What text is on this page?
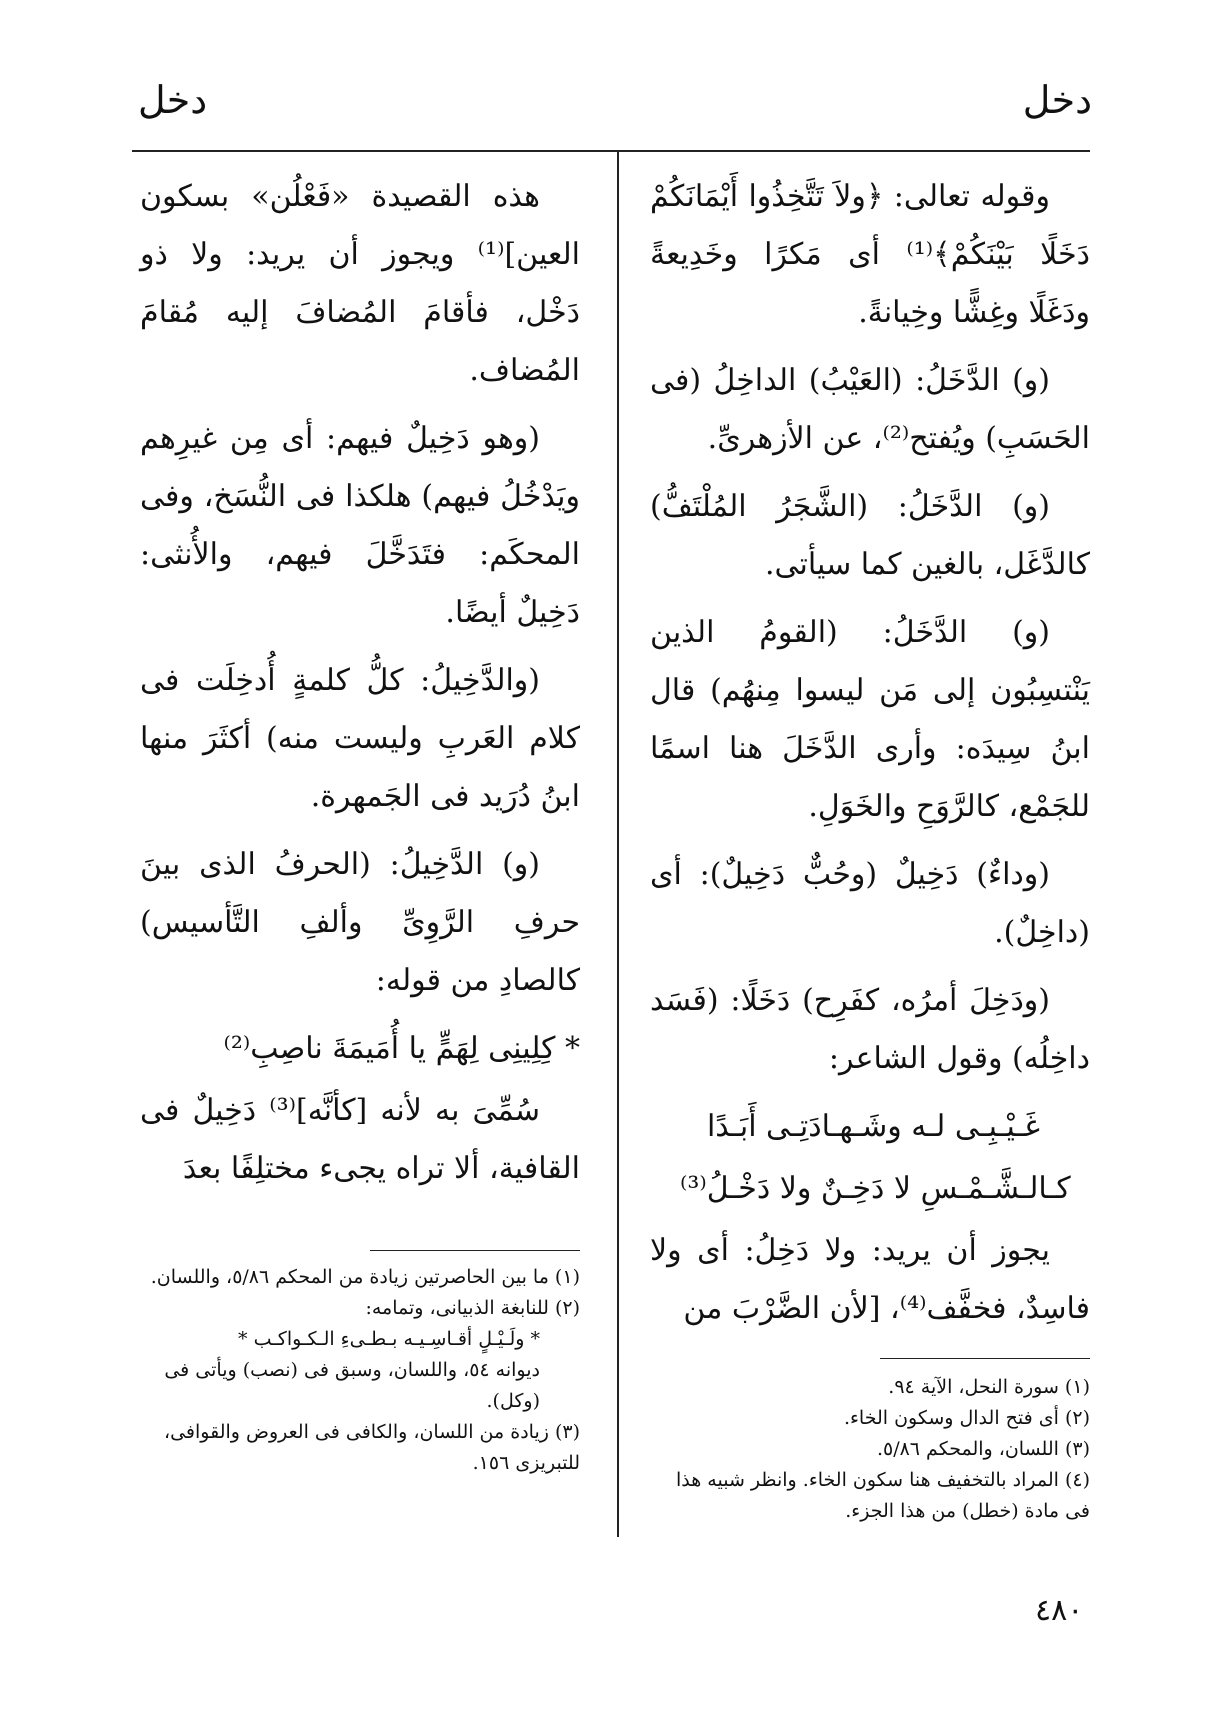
دخل
دخل

وقوله تعالى: ﴿ولاَ تَتَّخِذُوا أَيْمَانَكُمْ دَخَلًا بَيْنَكُمْ﴾⁽¹⁾ أى مَكرًا وخَدِيعةً ودَغَلًا وغِشًّا وخِيانةً.

(و) الدَّخَلُ: (العَيْبُ) الداخِلُ (فى الحَسَبِ) ويُفتح⁽²⁾، عن الأزهرىِّ.

(و) الدَّخَلُ: (الشَّجَرُ المُلْتَفُّ) كالدَّغَل، بالغين كما سيأتى.

(و) الدَّخَلُ: (القومُ الذين يَنْتسِبُون إلى مَن ليسوا مِنهُم) قال ابنُ سِيدَه: وأرى الدَّخَلَ هنا اسمًا للجَمْع، كالرَّوَحِ والخَوَلِ.

(وداءٌ) دَخِيلٌ (وحُبٌّ دَخِيلٌ): أى (داخِلٌ).

(ودَخِلَ أمرُه، كفَرِح) دَخَلًا: (فَسَد داخِلُه) وقول الشاعر:

غَـيْـبِـى لـه وشَـهـادَتِـى أَبَـدًا

كـالـشَّـمْـسِ لا دَخِـنٌ ولا دَخْـلُ⁽³⁾

يجوز أن يريد: ولا دَخِلُ: أى ولا فاسِدٌ، فخفَّف⁽⁴⁾، [لأن الضَّرْبَ من

هذه القصيدة «فَعْلُن» بسكون العين]⁽¹⁾ ويجوز أن يريد: ولا ذو دَخْل، فأقامَ المُضافَ إليه مُقامَ المُضاف.

(وهو دَخِيلٌ فيهم: أى مِن غيرِهم ويَدْخُلُ فيهم) هلكذا فى النُّسَخ، وفى المحكَم: فتَدَخَّلَ فيهم، والأُنثى: دَخِيلٌ أيضًا.

(والدَّخِيلُ: كلُّ كلمةٍ أُدخِلَت فى كلام العَربِ وليست منه) أكثَرَ منها ابنُ دُرَيد فى الجَمهرة.

(و) الدَّخِيلُ: (الحرفُ الذى بينَ حرفِ الرَّوِىِّ وألفِ التَّأسيس) كالصادِ من قوله:

* كِلِينِى لِهَمٍّ يا أُمَيمَةَ ناصِبِ⁽²⁾

سُمِّىَ به لأنه [كأنَّه]⁽³⁾ دَخِيلٌ فى القافية، ألا تراه يجىء مختلِفًا بعدَ

(١) سورة النحل، الآية ٩٤.

(٢) أى فتح الدال وسكون الخاء.

(٣) اللسان، والمحكم ٥/٨٦.

(٤) المراد بالتخفيف هنا سكون الخاء. وانظر شبيه هذا فى مادة (خطل) من هذا الجزء.

(١) ما بين الحاصرتين زيادة من المحكم ٥/٨٦، واللسان.

(٢) للنابغة الذبيانى، وتمامه:

* ولَـيْـلٍ أقـاسِـيـه بـطـىءِ الـكـواكـب *

ديوانه ٥٤، واللسان، وسبق فى (نصب) ويأتى فى (وكل).

(٣) زيادة من اللسان، والكافى فى العروض والقوافى، للتبريزى ١٥٦.

٤٨٠
